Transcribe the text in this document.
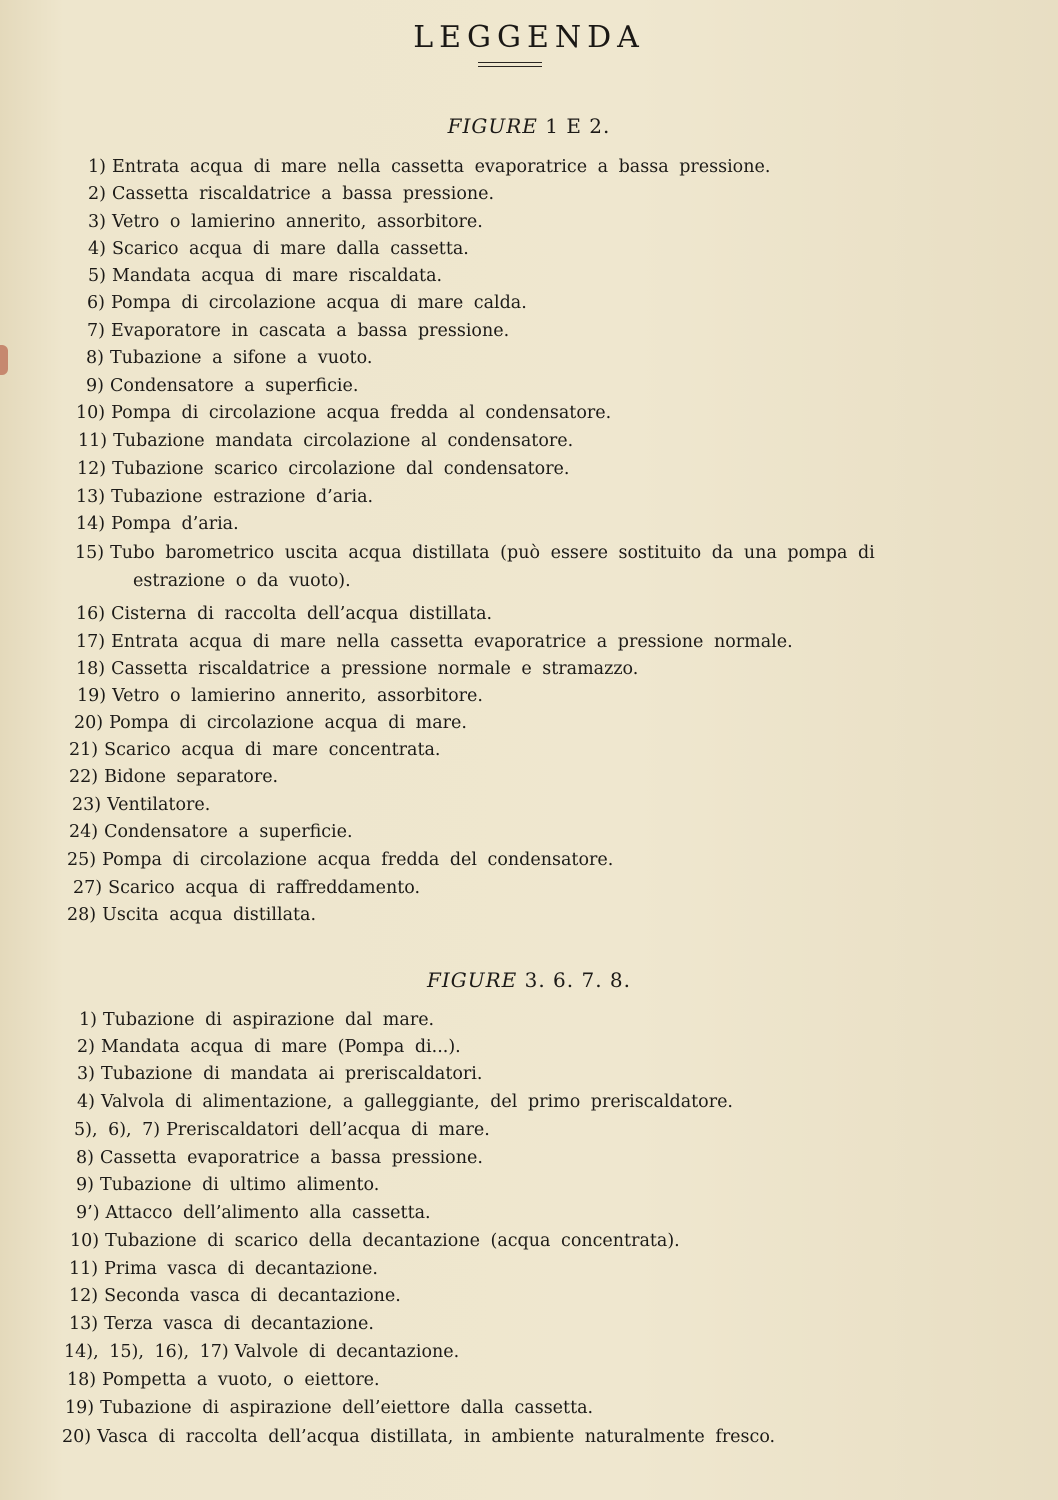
LEGGENDA
FIGURE 1 E 2.
1) Entrata acqua di mare nella cassetta evaporatrice a bassa pressione.
2) Cassetta riscaldatrice a bassa pressione.
3) Vetro o lamierino annerito, assorbitore.
4) Scarico acqua di mare dalla cassetta.
5) Mandata acqua di mare riscaldata.
6) Pompa di circolazione acqua di mare calda.
7) Evaporatore in cascata a bassa pressione.
8) Tubazione a sifone a vuoto.
9) Condensatore a superficie.
10) Pompa di circolazione acqua fredda al condensatore.
11) Tubazione mandata circolazione al condensatore.
12) Tubazione scarico circolazione dal condensatore.
13) Tubazione estrazione d’aria.
14) Pompa d’aria.
15) Tubo barometrico uscita acqua distillata (può essere sostituito da una pompa di
estrazione o da vuoto).
16) Cisterna di raccolta dell’acqua distillata.
17) Entrata acqua di mare nella cassetta evaporatrice a pressione normale.
18) Cassetta riscaldatrice a pressione normale e stramazzo.
19) Vetro o lamierino annerito, assorbitore.
20) Pompa di circolazione acqua di mare.
21) Scarico acqua di mare concentrata.
22) Bidone separatore.
23) Ventilatore.
24) Condensatore a superficie.
25) Pompa di circolazione acqua fredda del condensatore.
27) Scarico acqua di raffreddamento.
28) Uscita acqua distillata.
FIGURE 3. 6. 7. 8.
1) Tubazione di aspirazione dal mare.
2) Mandata acqua di mare (Pompa di...).
3) Tubazione di mandata ai preriscaldatori.
4) Valvola di alimentazione, a galleggiante, del primo preriscaldatore.
5), 6), 7) Preriscaldatori dell’acqua di mare.
8) Cassetta evaporatrice a bassa pressione.
9) Tubazione di ultimo alimento.
9’) Attacco dell’alimento alla cassetta.
10) Tubazione di scarico della decantazione (acqua concentrata).
11) Prima vasca di decantazione.
12) Seconda vasca di decantazione.
13) Terza vasca di decantazione.
14), 15), 16), 17) Valvole di decantazione.
18) Pompetta a vuoto, o eiettore.
19) Tubazione di aspirazione dell’eiettore dalla cassetta.
20) Vasca di raccolta dell’acqua distillata, in ambiente naturalmente fresco.
